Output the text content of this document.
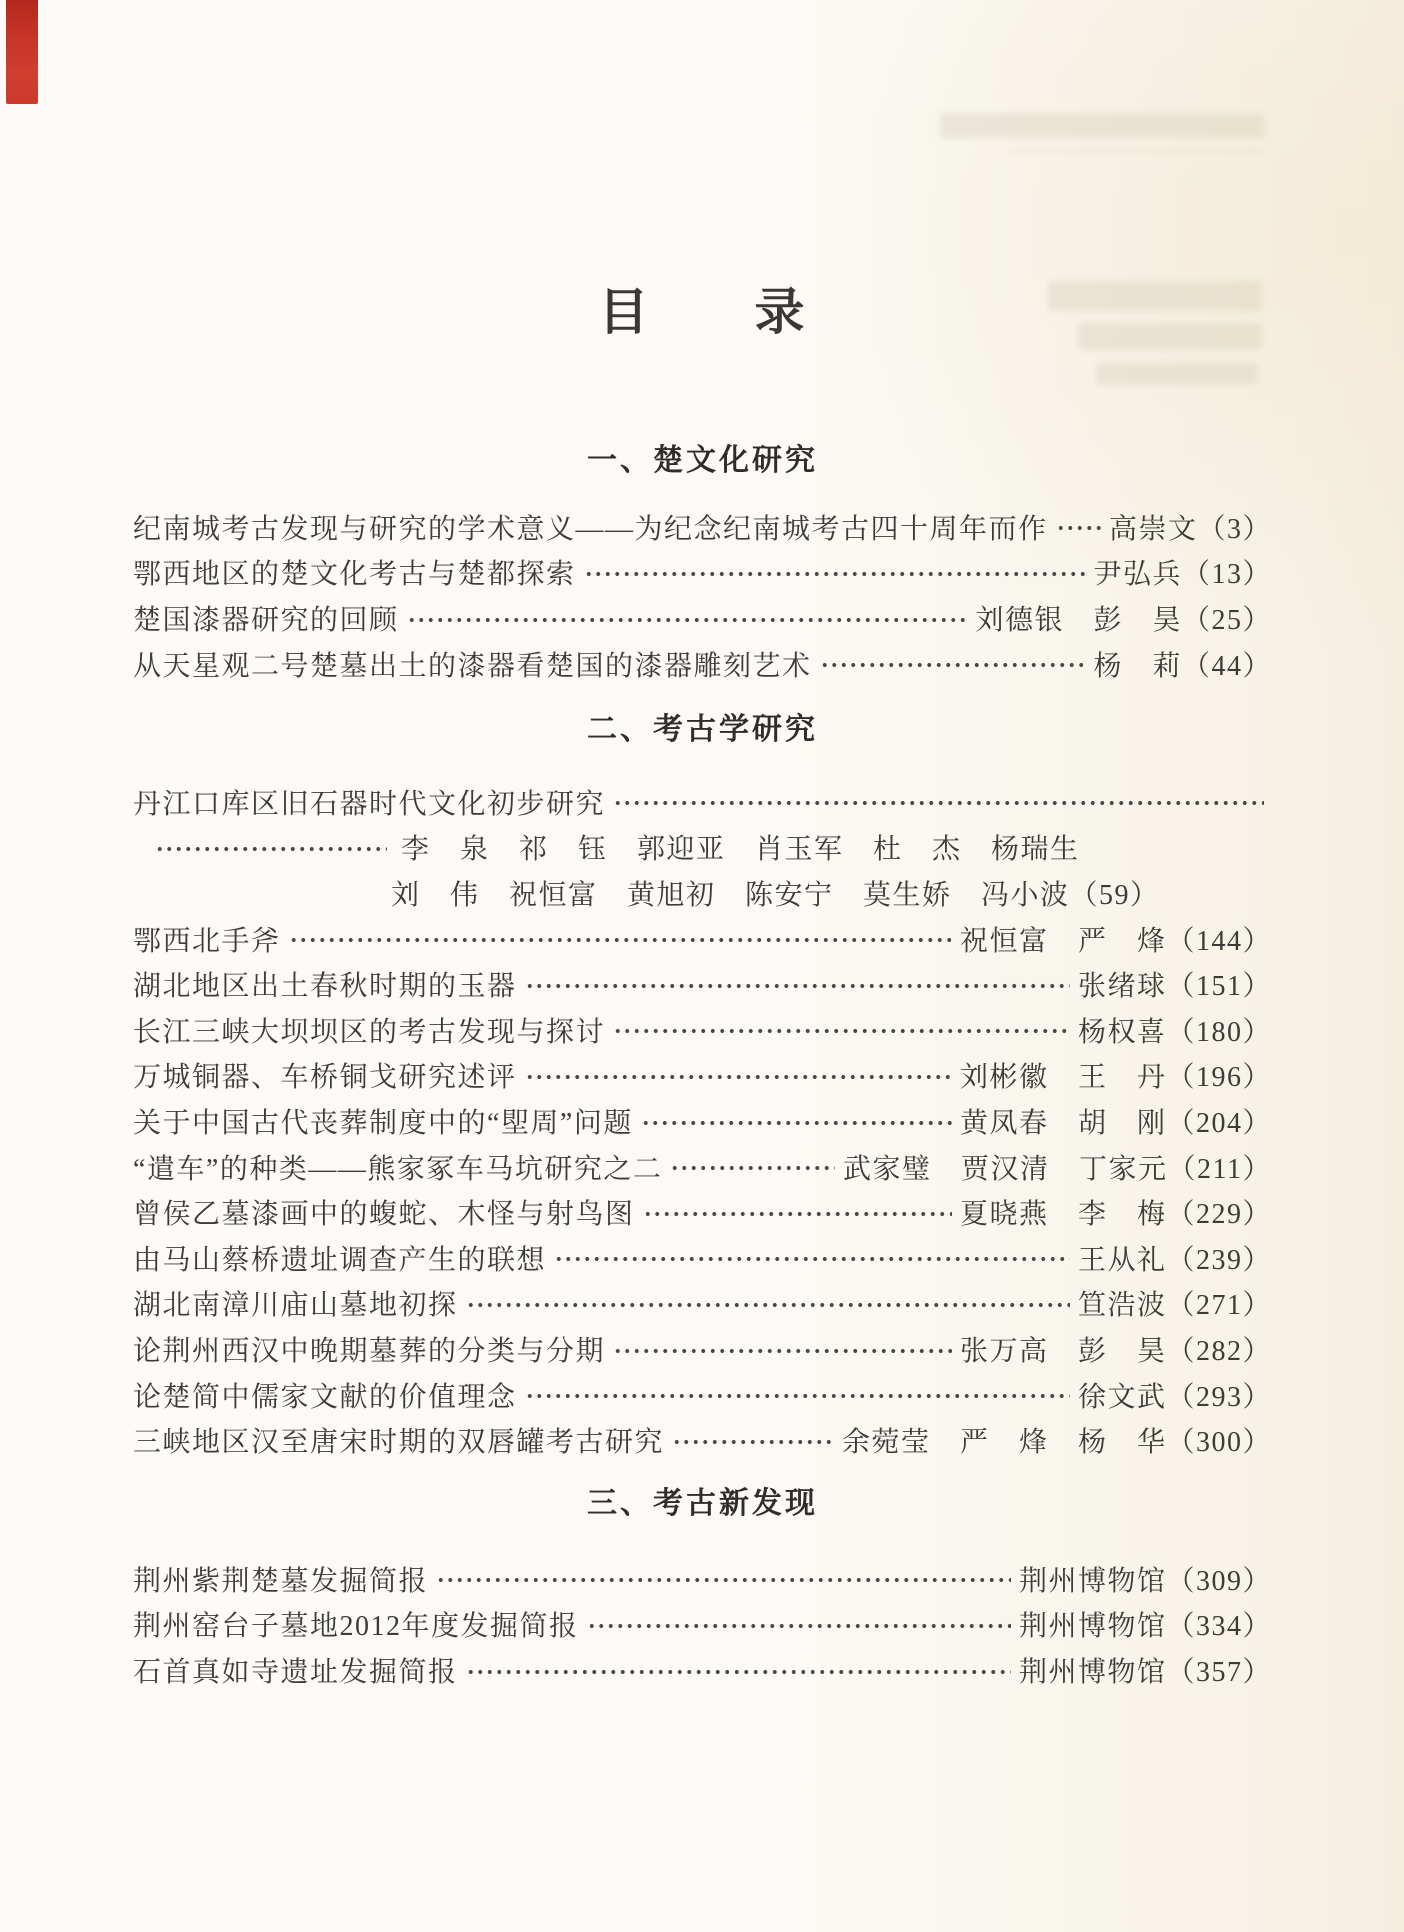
目　　录
一、楚文化研究
纪南城考古发现与研究的学术意义——为纪念纪南城考古四十周年而作 高崇文（3）
鄂西地区的楚文化考古与楚都探索	尹弘兵（13）
楚国漆器研究的回顾	刘德银 彭 昊（25）
从天星观二号楚墓出土的漆器看楚国的漆器雕刻艺术	杨 莉（44）
二、考古学研究
丹江口库区旧石器时代文化初步研究
李 泉 祁 钰 郭迎亚 肖玉军 杜 杰 杨瑞生
刘 伟 祝恒富 黄旭初 陈安宁 莫生娇 冯小波（59）
鄂西北手斧	祝恒富 严 烽（144）
湖北地区出土春秋时期的玉器	张绪球（151）
长江三峡大坝坝区的考古发现与探讨	杨权喜（180）
万城铜器、车桥铜戈研究述评	刘彬徽 王 丹（196）
关于中国古代丧葬制度中的“堲周”问题	黄凤春 胡 刚（204）
“遣车”的种类——熊家冢车马坑研究之二	武家璧 贾汉清 丁家元（211）
曾侯乙墓漆画中的蝮蛇、木怪与射鸟图	夏晓燕 李 梅（229）
由马山蔡桥遗址调查产生的联想	王从礼（239）
湖北南漳川庙山墓地初探	笪浩波（271）
论荆州西汉中晚期墓葬的分类与分期	张万高 彭 昊（282）
论楚简中儒家文献的价值理念	徐文武（293）
三峡地区汉至唐宋时期的双唇罐考古研究	余菀莹 严 烽 杨 华（300）
三、考古新发现
荆州紫荆楚墓发掘简报	荆州博物馆（309）
荆州窑台子墓地2012年度发掘简报	荆州博物馆（334）
石首真如寺遗址发掘简报	荆州博物馆（357）
